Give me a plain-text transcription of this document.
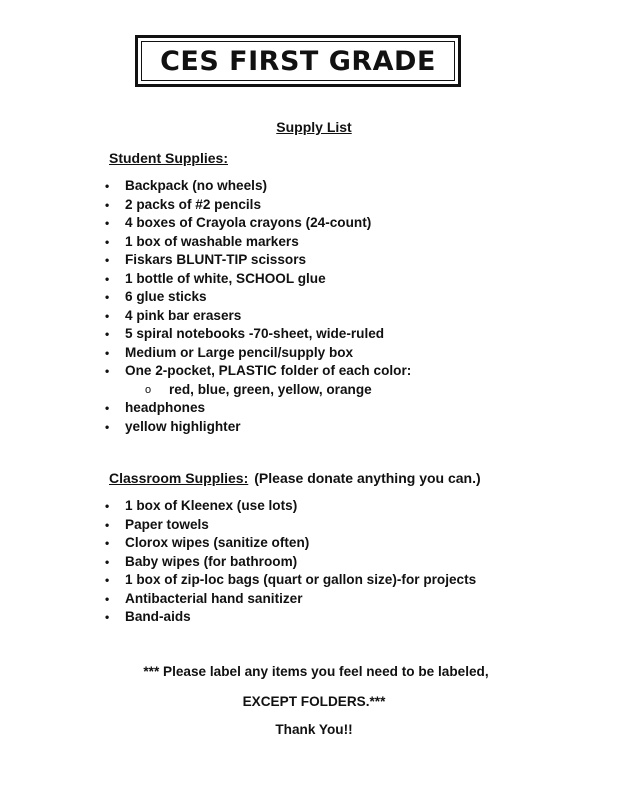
CES FIRST GRADE
Supply List
Student Supplies:
• Backpack (no wheels)
• 2 packs of #2 pencils
• 4 boxes of Crayola crayons (24-count)
• 1 box of washable markers
• Fiskars BLUNT-TIP scissors
• 1 bottle of white, SCHOOL glue
• 6 glue sticks
• 4 pink bar erasers
• 5 spiral notebooks -70-sheet, wide-ruled
• Medium or Large pencil/supply box
• One 2-pocket, PLASTIC folder of each color:
o red, blue, green, yellow, orange
• headphones
• yellow highlighter
Classroom Supplies: (Please donate anything you can.)
• 1 box of Kleenex (use lots)
• Paper towels
• Clorox wipes (sanitize often)
• Baby wipes (for bathroom)
• 1 box of zip-loc bags (quart or gallon size)-for projects
• Antibacterial hand sanitizer
• Band-aids
*** Please label any items you feel need to be labeled,
EXCEPT FOLDERS.***
Thank You!!
